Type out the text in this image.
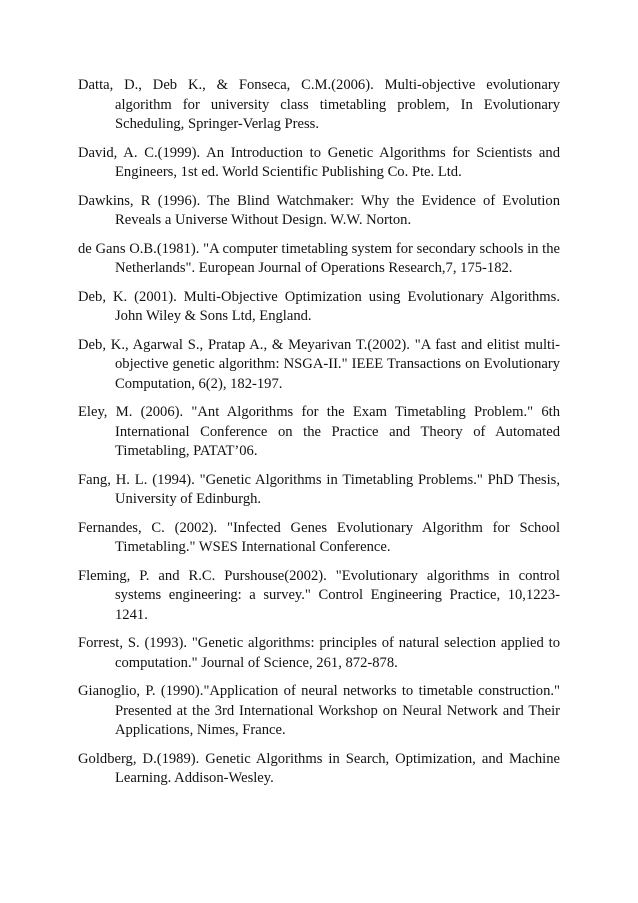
Datta, D., Deb K., & Fonseca, C.M.(2006). Multi-objective evolutionary algorithm for university class timetabling problem, In Evolutionary Scheduling, Springer-Verlag Press.
David, A. C.(1999). An Introduction to Genetic Algorithms for Scientists and Engineers, 1st ed. World Scientific Publishing Co. Pte. Ltd.
Dawkins, R (1996). The Blind Watchmaker: Why the Evidence of Evolution Reveals a Universe Without Design. W.W. Norton.
de Gans O.B.(1981). "A computer timetabling system for secondary schools in the Netherlands". European Journal of Operations Research,7, 175-182.
Deb, K. (2001). Multi-Objective Optimization using Evolutionary Algorithms. John Wiley & Sons Ltd, England.
Deb, K., Agarwal S., Pratap A., & Meyarivan T.(2002). "A fast and elitist multi-objective genetic algorithm: NSGA-II." IEEE Transactions on Evolutionary Computation, 6(2), 182-197.
Eley, M. (2006). "Ant Algorithms for the Exam Timetabling Problem." 6th International Conference on the Practice and Theory of Automated Timetabling, PATAT’06.
Fang, H. L. (1994). "Genetic Algorithms in Timetabling Problems." PhD Thesis, University of Edinburgh.
Fernandes, C. (2002). "Infected Genes Evolutionary Algorithm for School Timetabling." WSES International Conference.
Fleming, P. and R.C. Purshouse(2002). "Evolutionary algorithms in control systems engineering: a survey." Control Engineering Practice, 10,1223-1241.
Forrest, S. (1993). "Genetic algorithms: principles of natural selection applied to computation." Journal of Science, 261, 872-878.
Gianoglio, P. (1990)."Application of neural networks to timetable construction." Presented at the 3rd International Workshop on Neural Network and Their Applications, Nimes, France.
Goldberg, D.(1989). Genetic Algorithms in Search, Optimization, and Machine Learning. Addison-Wesley.
